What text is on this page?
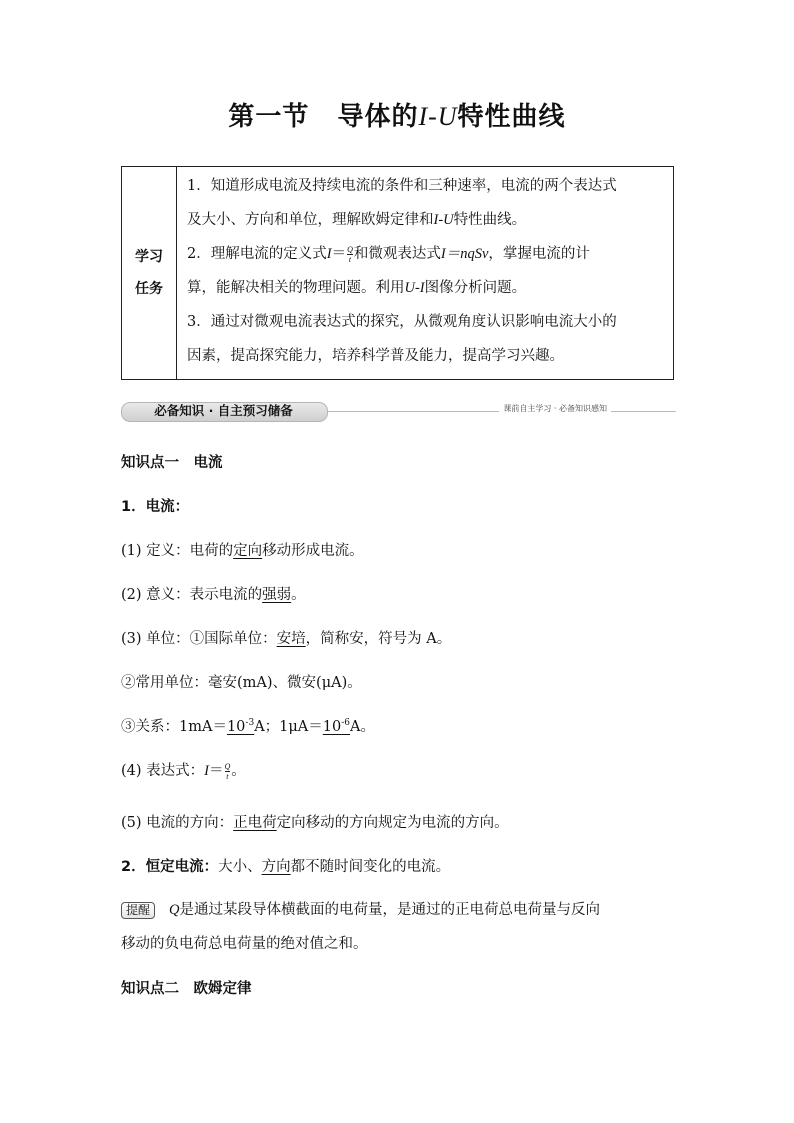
第一节 导体的I-U特性曲线
学习
任务

1．知道形成电流及持续电流的条件和三种速率，电流的两个表达式
及大小、方向和单位，理解欧姆定律和I-U特性曲线。
2．理解电流的定义式$I= \frac{Q}{t}$ 和微观表达式I＝nqSv，掌握电流的计
算，能解决相关的物理问题。利用U-I图像分析问题。
3．通过对微观电流表达式的探究，从微观角度认识影响电流大小的
因素，提高探究能力，培养科学普及能力，提高学习兴趣。
必备知识 · 自主预习储备	课前自主学习 · 必备知识感知
知识点一　电流
1．电流：
(1) 定义：电荷的定向移动形成电流。
(2) 意义：表示电流的强弱。
(3) 单位：①国际单位：安培，简称安，符号为 A。
②常用单位：毫安(mA)、微安(μA)。
③关系：$1mA=10^{-3}A$；$1\mu A=10^{-6}A$。
(4) 表达式：$I= \frac{Q}{t}$ 。
(5) 电流的方向：正电荷定向移动的方向规定为电流的方向。
2．恒定电流：大小、方向都不随时间变化的电流。
提醒 Q是通过某段导体横截面的电荷量，是通过的正电荷总电荷量与反向
移动的负电荷总电荷量的绝对值之和。
知识点二　欧姆定律
